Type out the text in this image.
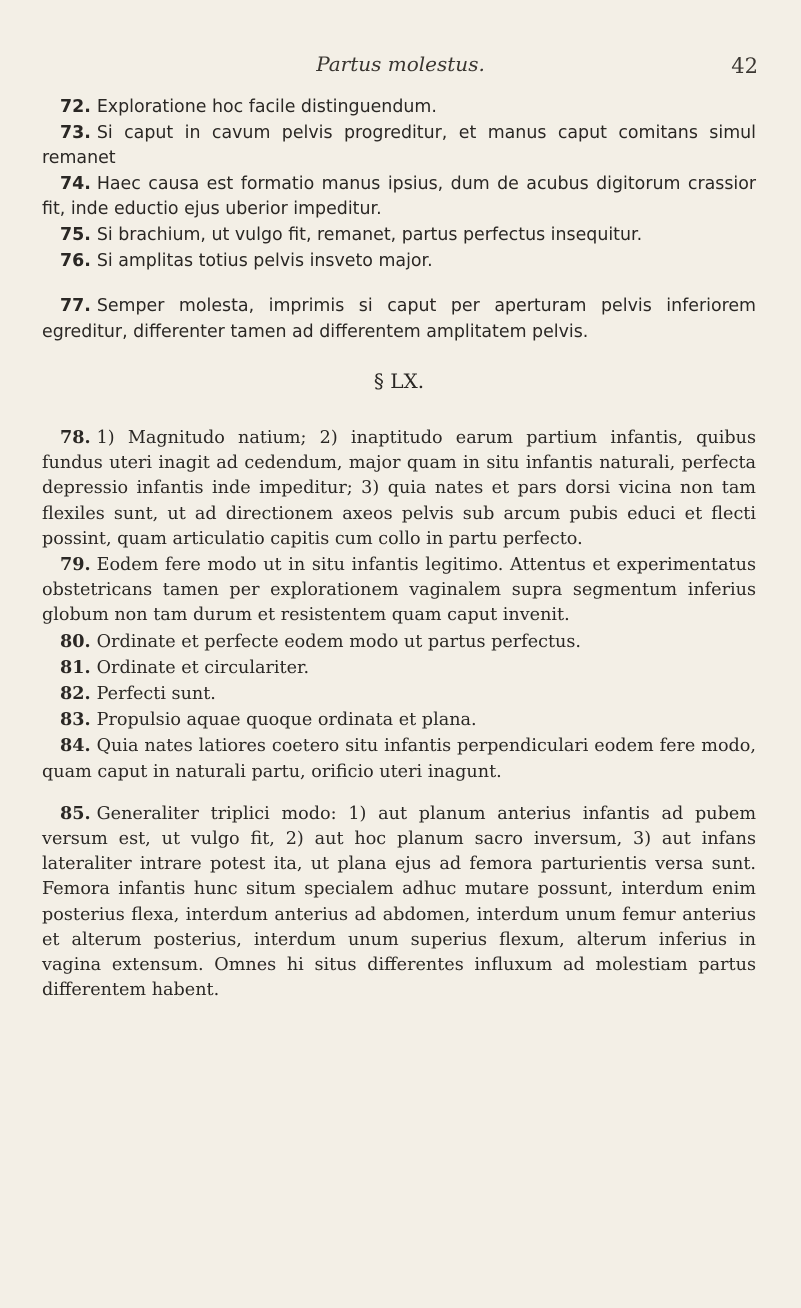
Partus molestus.	42

72. Exploratione hoc facile distinguendum.

73. Si caput in cavum pelvis progreditur, et manus caput comitans simul remanet

74. Haec causa est formatio manus ipsius, dum de acubus digitorum crassior fit, inde eductio ejus uberior impeditur.

75. Si brachium, ut vulgo fit, remanet, partus perfectus insequitur.

76. Si amplitas totius pelvis insveto major.

77. Semper molesta, imprimis si caput per aperturam pelvis inferiorem egreditur, differenter tamen ad differentem amplitatem pelvis.

§ LX.

78. 1) Magnitudo natium; 2) inaptitudo earum partium infantis, quibus fundus uteri inagit ad cedendum, major quam in situ infantis naturali, perfecta depressio infantis inde impeditur; 3) quia nates et pars dorsi vicina non tam flexiles sunt, ut ad directionem axeos pelvis sub arcum pubis educi et flecti possint, quam articulatio capitis cum collo in partu perfecto.

79. Eodem fere modo ut in situ infantis legitimo. Attentus et experimentatus obstetricans tamen per explorationem vaginalem supra segmentum inferius globum non tam durum et resistentem quam caput invenit.

80. Ordinate et perfecte eodem modo ut partus perfectus.

81. Ordinate et circulariter.

82. Perfecti sunt.

83. Propulsio aquae quoque ordinata et plana.

84. Quia nates latiores coetero situ infantis perpendiculari eodem fere modo, quam caput in naturali partu, orificio uteri inagunt.

85. Generaliter triplici modo: 1) aut planum anterius infantis ad pubem versum est, ut vulgo fit, 2) aut hoc planum sacro inversum, 3) aut infans lateraliter intrare potest ita, ut plana ejus ad femora parturientis versa sunt. Femora infantis hunc situm specialem adhuc mutare possunt, interdum enim posterius flexa, interdum anterius ad abdomen, interdum unum femur anterius et alterum posterius, interdum unum superius flexum, alterum inferius in vagina extensum. Omnes hi situs differentes influxum ad molestiam partus differentem habent.
